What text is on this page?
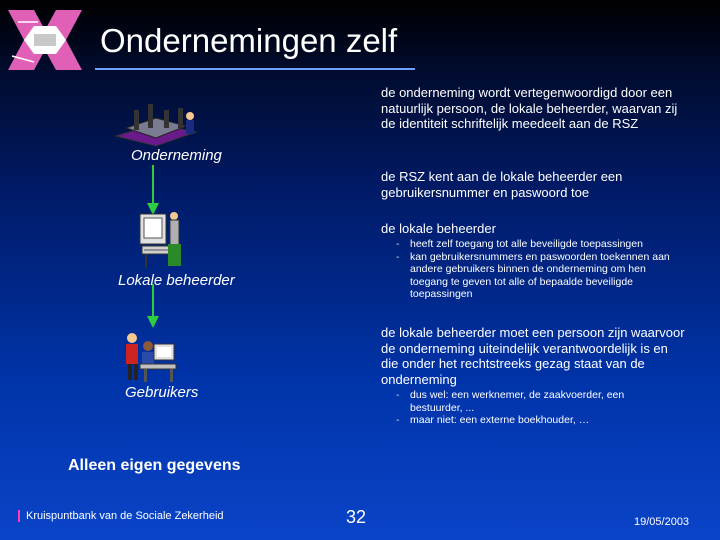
Ondernemingen zelf
Onderneming
Lokale beheerder
Gebruikers
de onderneming wordt vertegenwoordigd door een natuurlijk persoon, de lokale beheerder, waarvan zij de identiteit schriftelijk meedeelt aan de RSZ
de RSZ kent aan de lokale beheerder een gebruikersnummer en paswoord toe
de lokale beheerder
- heeft zelf toegang tot alle beveiligde toepassingen
- kan gebruikersnummers en paswoorden toekennen aan andere gebruikers binnen de onderneming om hen toegang te geven tot alle of bepaalde beveiligde toepassingen
de lokale beheerder moet een persoon zijn waarvoor de onderneming uiteindelijk verantwoordelijk is en die onder het rechtstreeks gezag staat van de onderneming
- dus wel: een werknemer, de zaakvoerder, een bestuurder, ...
- maar niet: een externe boekhouder, …
Alleen eigen gegevens
Kruispuntbank van de Sociale Zekerheid	32	19/05/2003
